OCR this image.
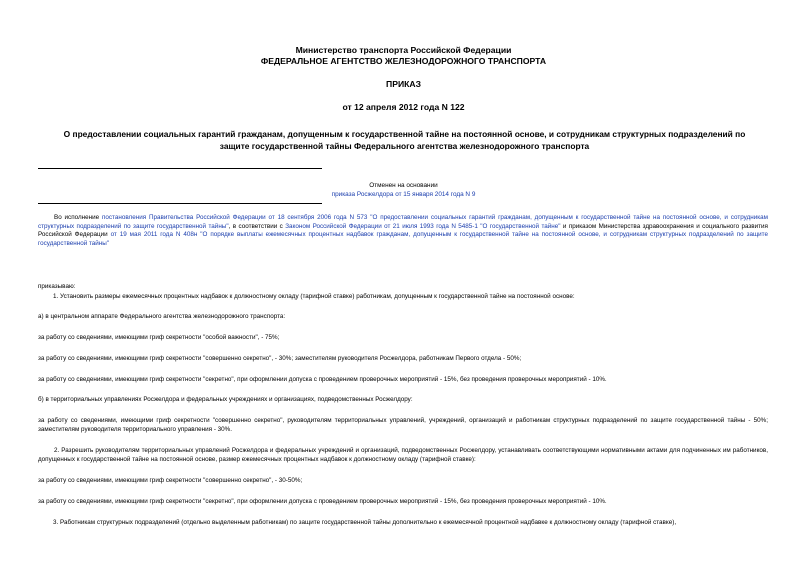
Министерство транспорта Российской Федерации
ФЕДЕРАЛЬНОЕ АГЕНТСТВО ЖЕЛЕЗНОДОРОЖНОГО ТРАНСПОРТА
ПРИКАЗ
от 12 апреля 2012 года N 122
О предоставлении социальных гарантий гражданам, допущенным к государственной тайне на постоянной основе, и сотрудникам структурных подразделений по
защите государственной тайны Федерального агентства железнодорожного транспорта
Отменен на основании
приказа Росжелдора от 15 января 2014 года N 9
Во исполнение постановления Правительства Российской Федерации от 18 сентября 2006 года N 573 "О предоставлении социальных гарантий гражданам, допущенным к государственной тайне на постоянной основе, и сотрудникам структурных подразделений по защите государственной тайны", в соответствии с Законом Российской Федерации от 21 июля 1993 года N 5485-1 "О государственной тайне" и приказом Министерства здравоохранения и социального развития Российской Федерации от 19 мая 2011 года N 408н "О порядке выплаты ежемесячных процентных надбавок гражданам, допущенным к государственной тайне на постоянной основе, и сотрудникам структурных подразделений по защите государственной тайны"
приказываю:
1. Установить размеры ежемесячных процентных надбавок к должностному окладу (тарифной ставке) работникам, допущенным к государственной тайне на постоянной основе:
а) в центральном аппарате Федерального агентства железнодорожного транспорта:
за работу со сведениями, имеющими гриф секретности "особой важности", - 75%;
за работу со сведениями, имеющими гриф секретности "совершенно секретно", - 30%; заместителям руководителя Росжелдора, работникам Первого отдела - 50%;
за работу со сведениями, имеющими гриф секретности "секретно", при оформлении допуска с проведением проверочных мероприятий - 15%, без проведения проверочных мероприятий - 10%.
б) в территориальных управлениях Росжелдора и федеральных учреждениях и организациях, подведомственных Росжелдору:
за работу со сведениями, имеющими гриф секретности "совершенно секретно", руководителям территориальных управлений, учреждений, организаций и работникам структурных подразделений по защите государственной тайны - 50%; заместителям руководителя территориального управления - 30%.
2. Разрешить руководителям территориальных управлений Росжелдора и федеральных учреждений и организаций, подведомственных Росжелдору, устанавливать соответствующими нормативными актами для подчиненных им работников, допущенных к государственной тайне на постоянной основе, размер ежемесячных процентных надбавок к должностному окладу (тарифной ставке):
за работу со сведениями, имеющими гриф секретности "совершенно секретно", - 30-50%;
за работу со сведениями, имеющими гриф секретности "секретно", при оформлении допуска с проведением проверочных мероприятий - 15%, без проведения проверочных мероприятий - 10%.
3. Работникам структурных подразделений (отдельно выделенным работникам) по защите государственной тайны дополнительно к ежемесячной процентной надбавке к должностному окладу (тарифной ставке),
